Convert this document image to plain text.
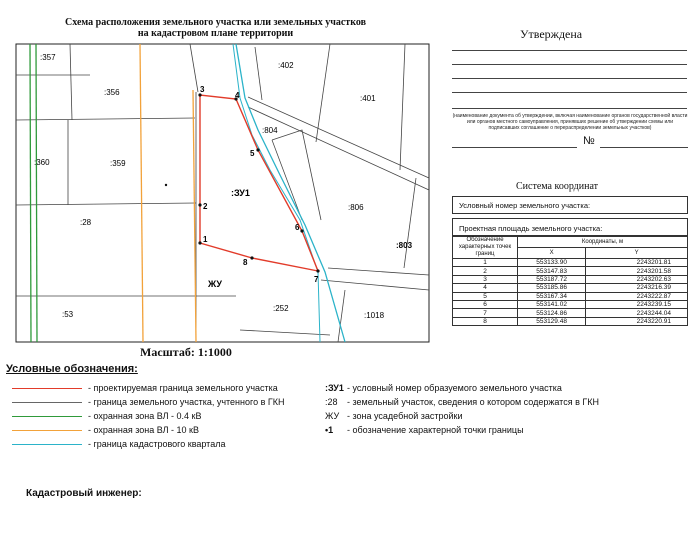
Схема расположения земельного участка или земельных участков
на кадастровом плане территории
1
2
3
4
5
6
7
8
:357
:356
:360	:359
:28
:53
:402
:401
:804
:806
:803
:252
:1018
:ЗУ1
ЖУ
Масштаб: 1:1000
Утверждена
(наименование документа об утверждении, включая наименование органов государственной власти или органов местного самоуправления, принявших решение об утверждении схемы или подписавших соглашение о перераспределении земельных участков)
№
Система координат
Условный номер земельного участка:
Проектная площадь земельного участка:
Обозначение характерных точек границ	Координаты, м	
	X	Y
1	553133.90	2243201.81
2	553147.83	2243201.58
3	553187.72	2243202.63
4	553185.86	2243216.39
5	553167.34	2243222.87
6	553141.02	2243239.15
7	553124.86	2243244.04
8	553129.48	2243220.91
Условные обозначения:
- проектируемая граница земельного участка
- граница земельного участка, учтенного в ГКН
- охранная зона ВЛ - 0.4 кВ
- охранная зона ВЛ - 10 кВ
- граница кадастрового квартала
:ЗУ1 - условный номер образуемого земельного участка
:28	- земельный участок, сведения о котором содержатся в ГКН
ЖУ - зона усадебной застройки
•1	- обозначение характерной точки границы
Кадастровый инженер:
